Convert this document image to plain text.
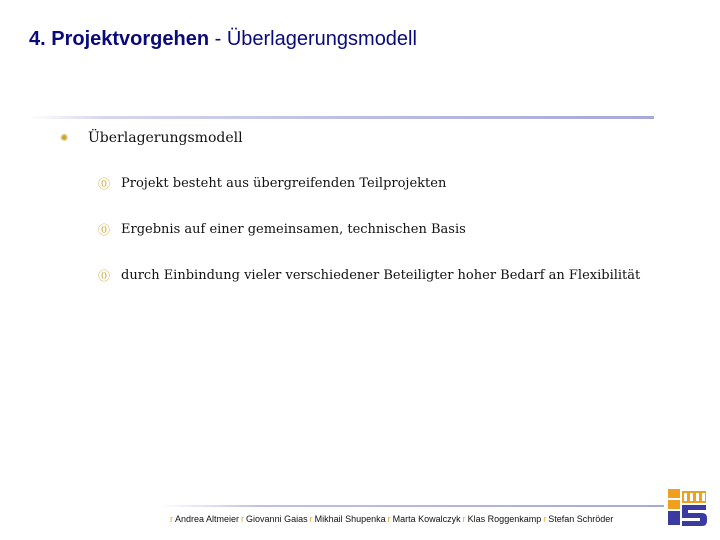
4. Projektvorgehen - Überlagerungsmodell
✺	Überlagerungsmodell
⓪ Projekt besteht aus übergreifenden Teilprojekten
⓪ Ergebnis auf einer gemeinsamen, technischen Basis
⓪ durch Einbindung vieler verschiedener Beteiligter hoher Bedarf an Flexibilität
r Andrea Altmeier r Giovanni Gaias r Mikhail Shupenka r Marta Kowalczyk r Klas Roggenkamp r Stefan Schröder
